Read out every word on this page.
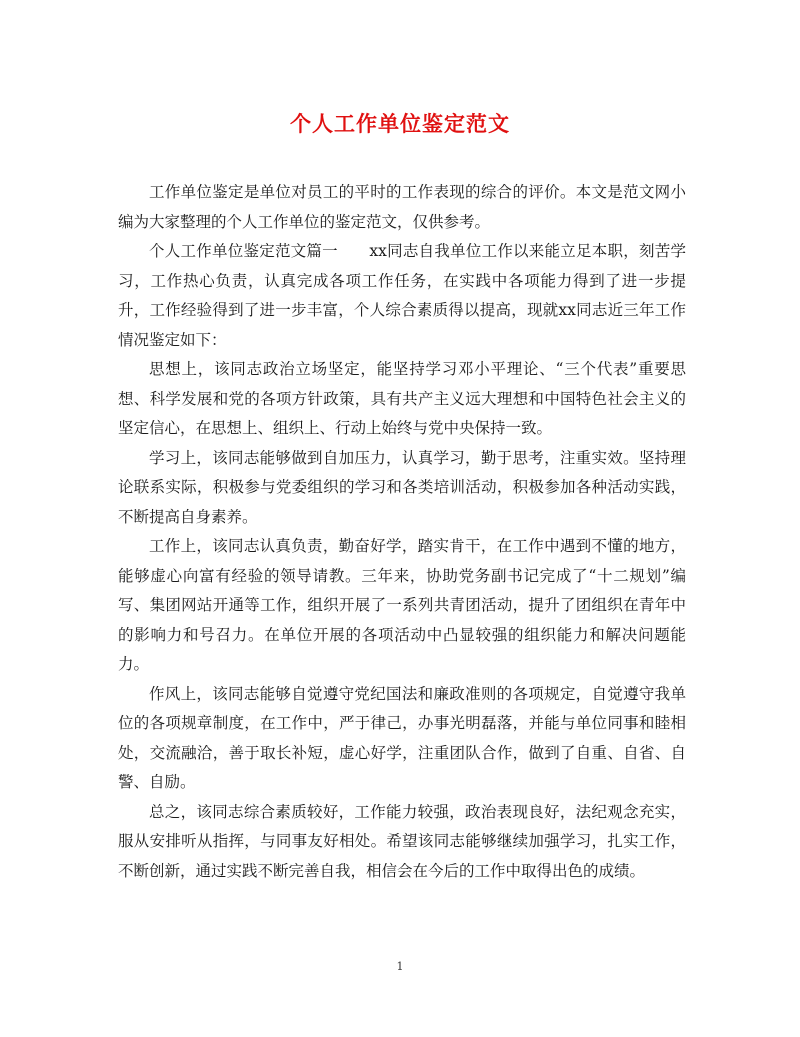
个人工作单位鉴定范文

工作单位鉴定是单位对员工的平时的工作表现的综合的评价。本文是范文网小编为大家整理的个人工作单位的鉴定范文，仅供参考。

个人工作单位鉴定范文篇一　　xx同志自我单位工作以来能立足本职，刻苦学习，工作热心负责，认真完成各项工作任务，在实践中各项能力得到了进一步提升，工作经验得到了进一步丰富，个人综合素质得以提高，现就xx同志近三年工作情况鉴定如下：

思想上，该同志政治立场坚定，能坚持学习邓小平理论、“三个代表”重要思想、科学发展和党的各项方针政策，具有共产主义远大理想和中国特色社会主义的坚定信心，在思想上、组织上、行动上始终与党中央保持一致。

学习上，该同志能够做到自加压力，认真学习，勤于思考，注重实效。坚持理论联系实际，积极参与党委组织的学习和各类培训活动，积极参加各种活动实践，不断提高自身素养。

工作上，该同志认真负责，勤奋好学，踏实肯干，在工作中遇到不懂的地方，能够虚心向富有经验的领导请教。三年来，协助党务副书记完成了“十二规划”编写、集团网站开通等工作，组织开展了一系列共青团活动，提升了团组织在青年中的影响力和号召力。在单位开展的各项活动中凸显较强的组织能力和解决问题能力。

作风上，该同志能够自觉遵守党纪国法和廉政准则的各项规定，自觉遵守我单位的各项规章制度，在工作中，严于律己，办事光明磊落，并能与单位同事和睦相处，交流融洽，善于取长补短，虚心好学，注重团队合作，做到了自重、自省、自警、自励。

总之，该同志综合素质较好，工作能力较强，政治表现良好，法纪观念充实，服从安排听从指挥，与同事友好相处。希望该同志能够继续加强学习，扎实工作，不断创新，通过实践不断完善自我，相信会在今后的工作中取得出色的成绩。

1
